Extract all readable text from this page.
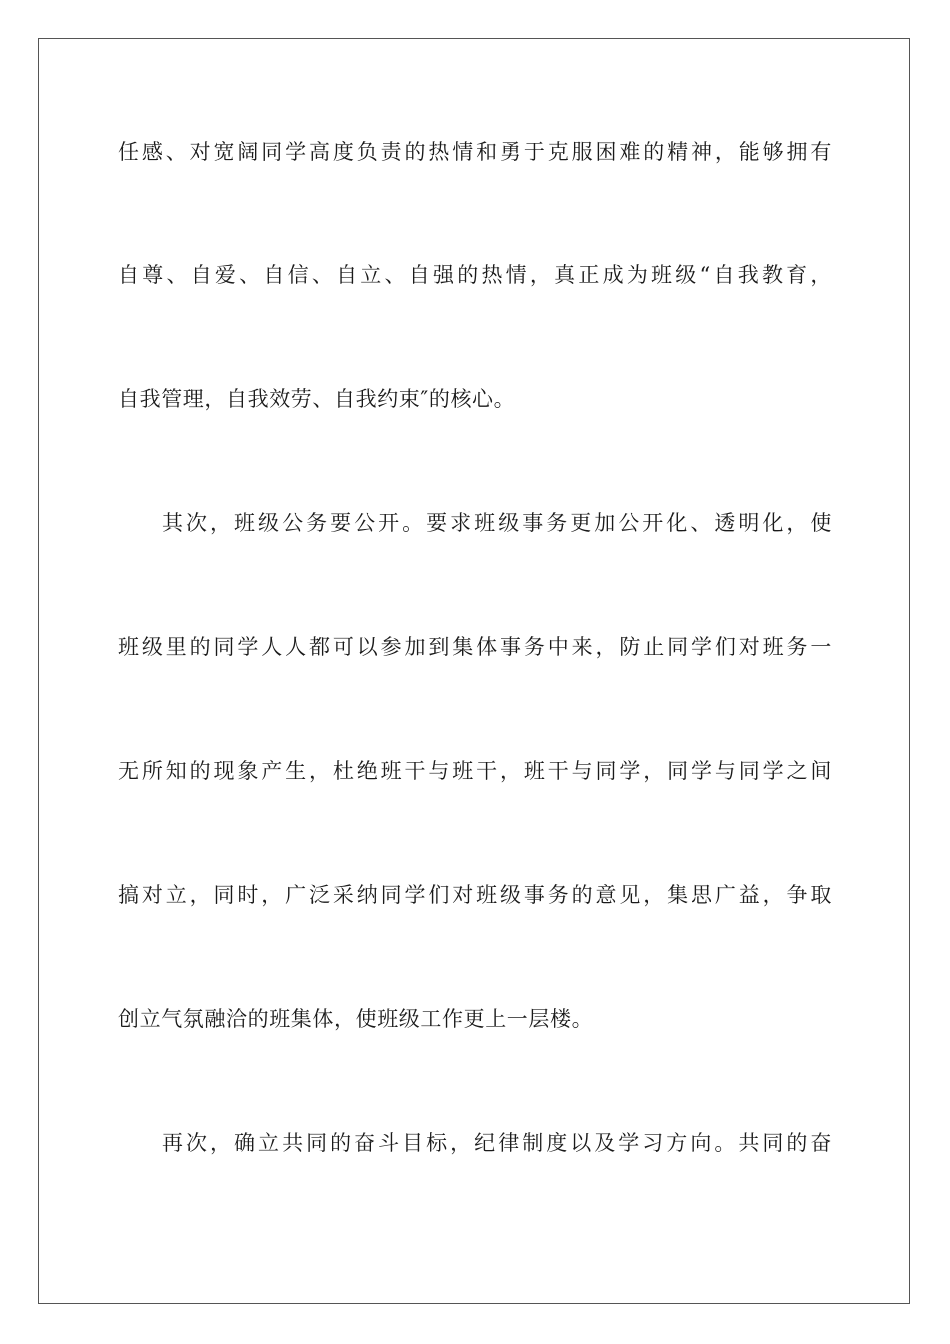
任感、对宽阔同学高度负责的热情和勇于克服困难的精神，能够拥有
自尊、自爱、自信、自立、自强的热情，真正成为班级“自我教育，
自我管理，自我效劳、自我约束″的核心。
其次，班级公务要公开。要求班级事务更加公开化、透明化，使
班级里的同学人人都可以参加到集体事务中来，防止同学们对班务一
无所知的现象产生，杜绝班干与班干，班干与同学，同学与同学之间
搞对立，同时，广泛采纳同学们对班级事务的意见，集思广益，争取
创立气氛融洽的班集体，使班级工作更上一层楼。
再次，确立共同的奋斗目标，纪律制度以及学习方向。共同的奋
